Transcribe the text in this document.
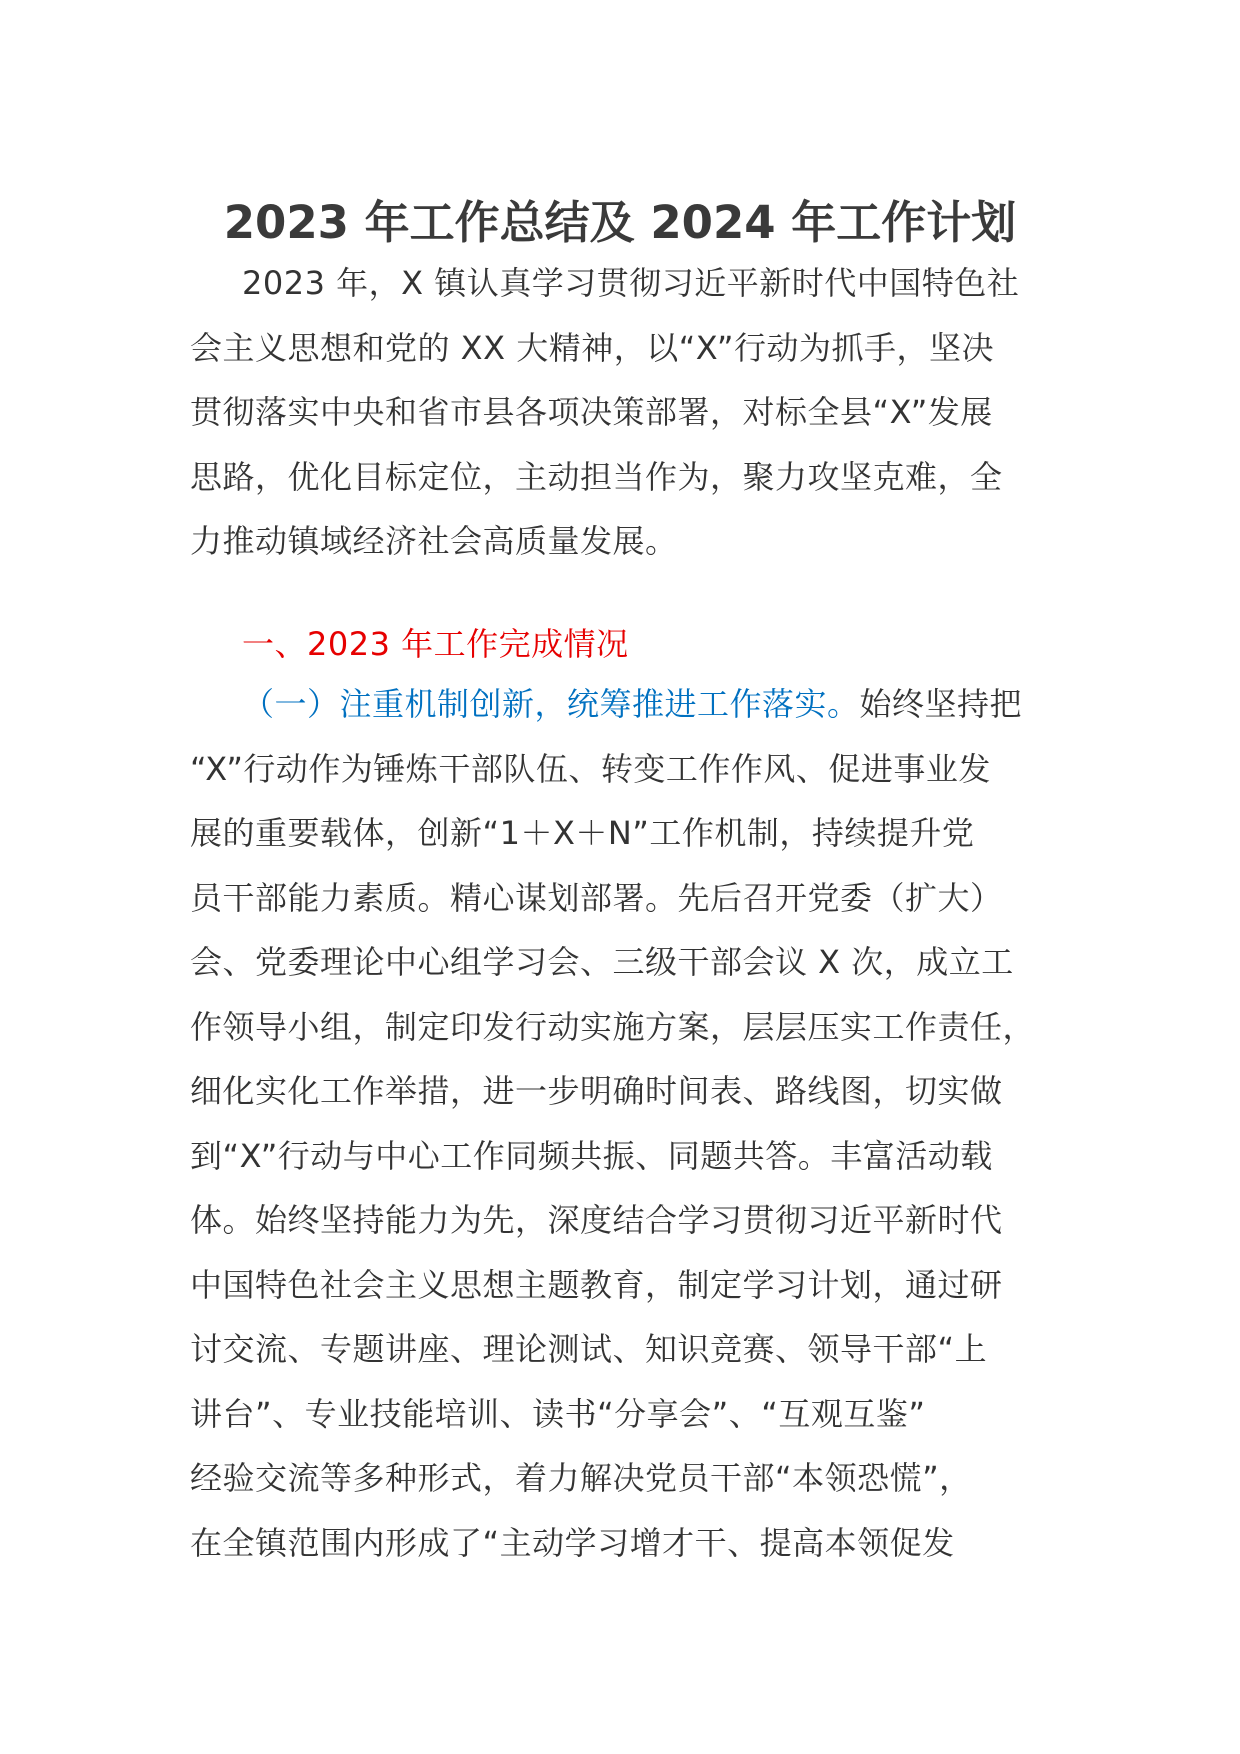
2023 年工作总结及 2024 年工作计划
2023 年，X 镇认真学习贯彻习近平新时代中国特色社
会主义思想和党的 XX 大精神，以“X”行动为抓手，坚决
贯彻落实中央和省市县各项决策部署，对标全县“X”发展
思路，优化目标定位，主动担当作为，聚力攻坚克难，全
力推动镇域经济社会高质量发展。
一、2023 年工作完成情况
（一）注重机制创新，统筹推进工作落实。始终坚持把
“X”行动作为锤炼干部队伍、转变工作作风、促进事业发
展的重要载体，创新“1＋X＋N”工作机制，持续提升党
员干部能力素质。精心谋划部署。先后召开党委（扩大）
会、党委理论中心组学习会、三级干部会议 X 次，成立工
作领导小组，制定印发行动实施方案，层层压实工作责任，
细化实化工作举措，进一步明确时间表、路线图，切实做
到“X”行动与中心工作同频共振、同题共答。丰富活动载
体。始终坚持能力为先，深度结合学习贯彻习近平新时代
中国特色社会主义思想主题教育，制定学习计划，通过研
讨交流、专题讲座、理论测试、知识竞赛、领导干部“上
讲台”、专业技能培训、读书“分享会”、“互观互鉴”
经验交流等多种形式，着力解决党员干部“本领恐慌”，
在全镇范围内形成了“主动学习增才干、提高本领促发
